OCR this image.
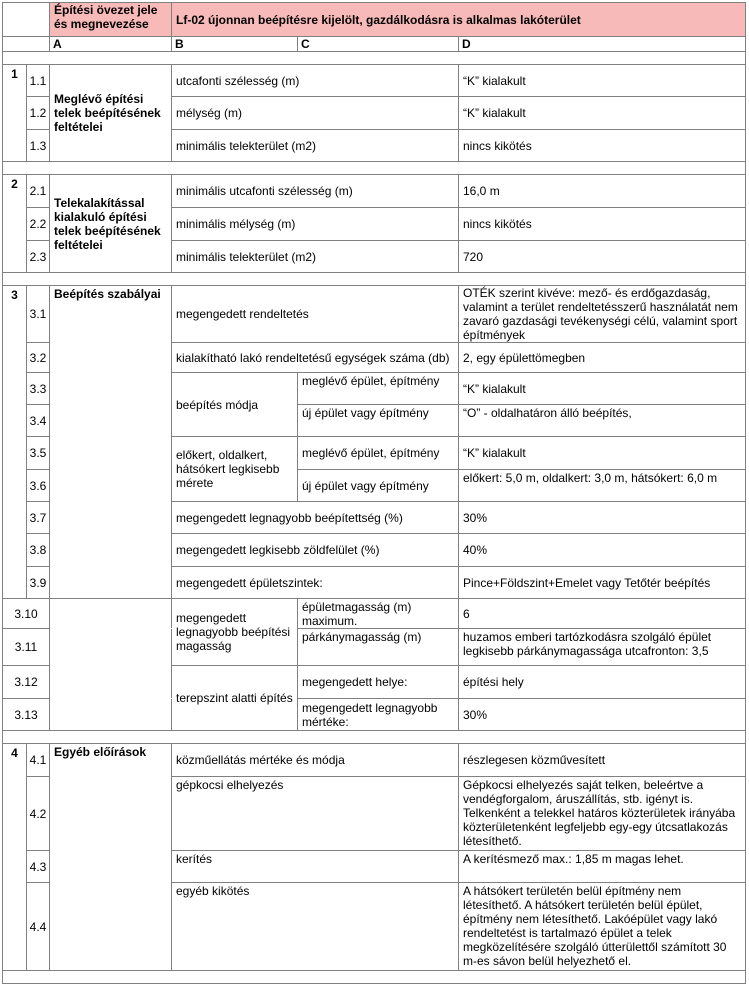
		Építési övezet jele és megnevezése	Lf-02 újonnan beépítésre kijelölt, gazdálkodásra is alkalmas lakóterület		
		A	B	C	D

1	1.1	Meglévő építési telek beépítésének feltételei	utcafonti szélesség (m)		“K” kialakult
	1.2		mélység (m)		“K” kialakult
	1.3		minimális telekterület (m2)		nincs kikötés

2	2.1	Telekalakítással kialakuló építési telek beépítésének feltételei	minimális utcafonti szélesség (m)		16,0 m
	2.2		minimális mélység (m)		nincs kikötés
	2.3		minimális telekterület (m2)		720

3	3.1	Beépítés szabályai	megengedett rendeltetés		OTÉK szerint kivéve: mező- és erdőgazdaság, valamint a terület rendeltetésszerű használatát nem zavaró gazdasági tevékenységi célú, valamint sport építmények
	3.2		kialakítható lakó rendeltetésű egységek száma (db)		2, egy épülettömegben
	3.3		beépítés módja	meglévő épület, építmény	“K” kialakult
	3.4			új épület vagy építmény	“O” - oldalhatáron álló beépítés,
	3.5		előkert, oldalkert, hátsókert legkisebb mérete	meglévő épület, építmény	“K” kialakult
	3.6			új épület vagy építmény	előkert: 5,0 m, oldalkert: 3,0 m, hátsókert: 6,0 m
	3.7		megengedett legnagyobb beépítettség (%)		30%
	3.8		megengedett legkisebb zöldfelület (%)		40%
	3.9		megengedett épületszintek:		Pince+Földszint+Emelet vagy Tetőtér beépítés
3.10			megengedett legnagyobb beépítési magasság	épületmagasság (m) maximum.	6
3.11				párkánymagasság (m)	huzamos emberi tartózkodásra szolgáló épület legkisebb párkánymagassága utcafronton: 3,5
3.12			terepszint alatti építés	megengedett helye:	építési hely
3.13				megengedett legnagyobb mértéke:	30%

4	4.1	Egyéb előírások	közműellátás mértéke és módja		részlegesen közművesített
	4.2		gépkocsi elhelyezés		Gépkocsi elhelyezés saját telken, beleértve a vendégforgalom, áruszállítás, stb. igényt is. Telkenként a telekkel határos közterületek irányába közterületenként legfeljebb egy-egy útcsatlakozás létesíthető.
	4.3		kerítés		A kerítésmező max.: 1,85 m magas lehet.
	4.4		egyéb kikötés		A hátsókert területén belül építmény nem létesíthető. A hátsókert területén belül épület, építmény nem létesíthető. Lakóépület vagy lakó rendeltetést is tartalmazó épület a telek megközelítésére szolgáló útterülettől számított 30 m-es sávon belül helyezhető el.
